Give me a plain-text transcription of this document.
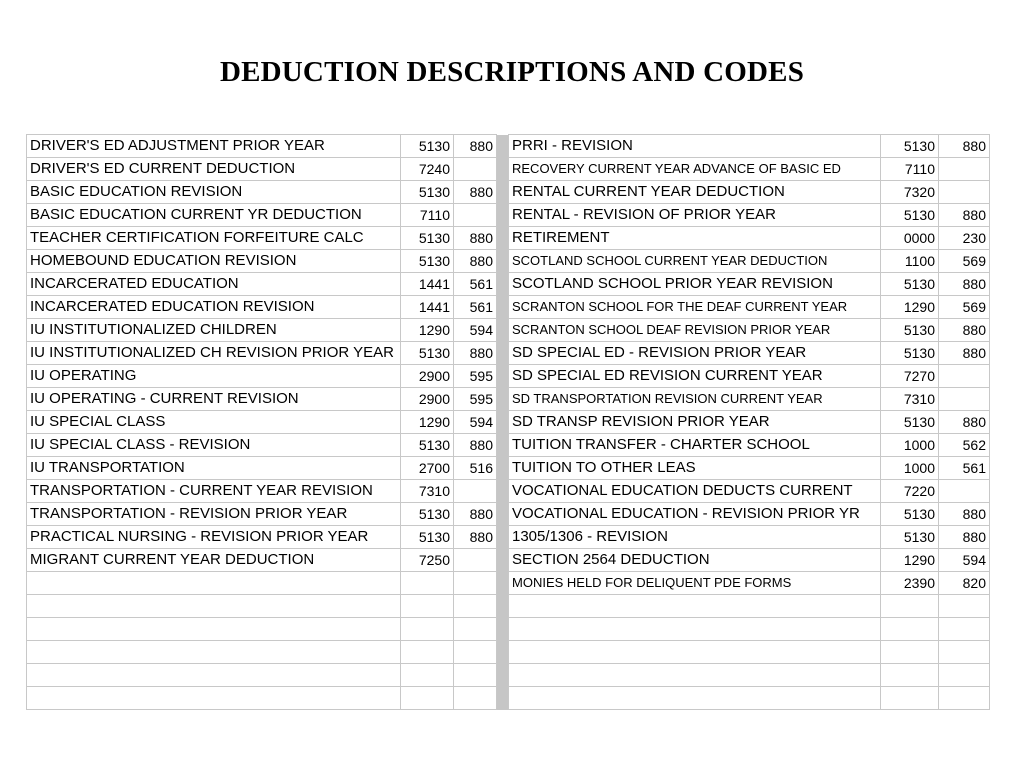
DEDUCTION DESCRIPTIONS AND CODES
DRIVER'S ED ADJUSTMENT PRIOR YEAR	5130	880		PRRI - REVISION	5130	880
DRIVER'S ED CURRENT DEDUCTION	7240			RECOVERY CURRENT YEAR ADVANCE OF BASIC ED	7110	
BASIC EDUCATION REVISION	5130	880		RENTAL CURRENT YEAR DEDUCTION	7320	
BASIC EDUCATION CURRENT YR DEDUCTION	7110			RENTAL - REVISION OF PRIOR YEAR	5130	880
TEACHER CERTIFICATION FORFEITURE CALC	5130	880		RETIREMENT	0000	230
HOMEBOUND EDUCATION REVISION	5130	880		SCOTLAND SCHOOL CURRENT YEAR DEDUCTION	1100	569
INCARCERATED EDUCATION	1441	561		SCOTLAND SCHOOL PRIOR YEAR REVISION	5130	880
INCARCERATED EDUCATION REVISION	1441	561		SCRANTON SCHOOL FOR THE DEAF CURRENT YEAR	1290	569
IU INSTITUTIONALIZED CHILDREN	1290	594		SCRANTON SCHOOL DEAF REVISION PRIOR YEAR	5130	880
IU INSTITUTIONALIZED CH REVISION PRIOR YEAR	5130	880		SD SPECIAL ED - REVISION PRIOR YEAR	5130	880
IU OPERATING	2900	595		SD SPECIAL ED REVISION CURRENT YEAR	7270	
IU OPERATING - CURRENT REVISION	2900	595		SD TRANSPORTATION REVISION CURRENT YEAR	7310	
IU SPECIAL CLASS	1290	594		SD TRANSP REVISION PRIOR YEAR	5130	880
IU SPECIAL CLASS - REVISION	5130	880		TUITION TRANSFER - CHARTER SCHOOL	1000	562
IU TRANSPORTATION	2700	516		TUITION TO OTHER LEAS	1000	561
TRANSPORTATION - CURRENT YEAR REVISION	7310			VOCATIONAL EDUCATION DEDUCTS CURRENT	7220	
TRANSPORTATION - REVISION PRIOR YEAR	5130	880		VOCATIONAL EDUCATION - REVISION PRIOR YR	5130	880
PRACTICAL NURSING - REVISION PRIOR YEAR	5130	880		1305/1306 - REVISION	5130	880
MIGRANT CURRENT YEAR DEDUCTION	7250			SECTION 2564 DEDUCTION	1290	594
				MONIES HELD FOR DELIQUENT PDE FORMS	2390	820
